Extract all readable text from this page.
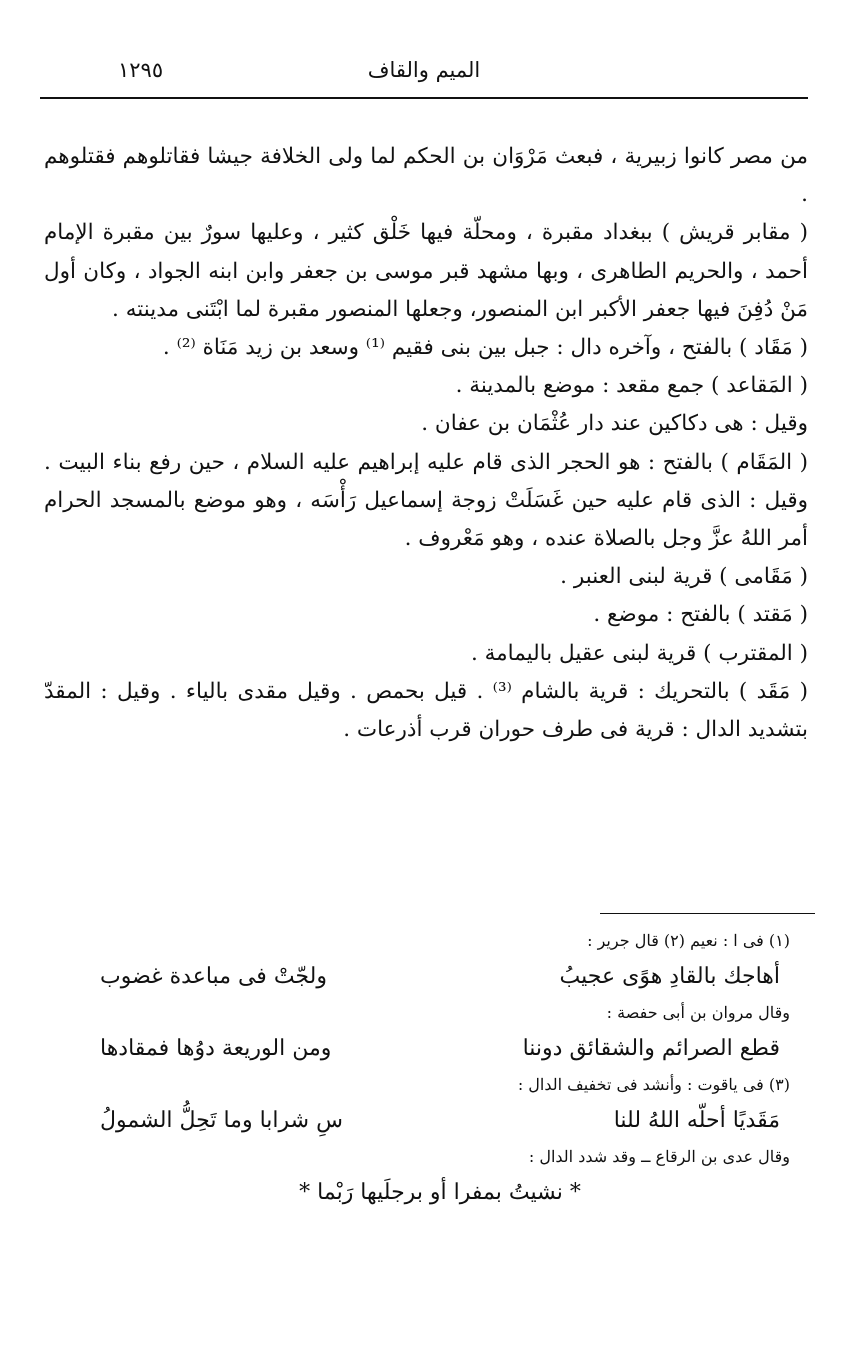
الميم والقاف
١٢٩٥

من مصر كانوا زبيرية ، فبعث مَرْوَان بن الحكم لما ولى الخلافة جيشا فقاتلوهم فقتلوهم .

( مقابر قريش ) ببغداد مقبرة ، ومحلّة فيها خَلْق كثير ، وعليها سورٌ بين مقبرة الإمام أحمد ، والحريم الطاهرى ، وبها مشهد قبر موسى بن جعفر وابن ابنه الجواد ، وكان أول مَنْ دُفِنَ فيها جعفر الأكبر ابن المنصور، وجعلها المنصور مقبرة لما ابْتَنى مدينته .

( مَقَاد ) بالفتح ، وآخره دال : جبل بين بنى فقيم ⁽¹⁾ وسعد بن زيد مَنَاة ⁽²⁾ .

( المَقاعد ) جمع مقعد : موضع بالمدينة .

وقيل : هى دكاكين عند دار عُثْمَان بن عفان .

( المَقَام ) بالفتح : هو الحجر الذى قام عليه إبراهيم عليه السلام ، حين رفع بناء البيت . وقيل : الذى قام عليه حين غَسَلَتْ زوجة إسماعيل رَأْسَه ، وهو موضع بالمسجد الحرام أمر اللهُ عزَّ وجل بالصلاة عنده ، وهو مَعْروف .

( مَقَامى ) قرية لبنى العنبر .

( مَقتد ) بالفتح : موضع .

( المقترب ) قرية لبنى عقيل باليمامة .

( مَقَد ) بالتحريك : قرية بالشام ⁽³⁾ . قيل بحمص . وقيل مقدى بالياء . وقيل : المقدّ بتشديد الدال : قرية فى طرف حوران قرب أذرعات .

(١) فى ا : نعيم (٢) قال جرير :

أهاجك بالقادِ هوًى عجيبُ
ولجّتْ فى مباعدة غضوب

وقال مروان بن أبى حفصة :

قطع الصرائم والشقائق دوننا
ومن الوريعة دوُها فمقادها

(٣) فى ياقوت : وأنشد فى تخفيف الدال :

مَقَديًا أحلّه اللهُ للنا
سِ شرابا وما تَحِلُّ الشمولُ

وقال عدى بن الرقاع ــ وقد شدد الدال :

* نشيتُ بمفرا أو برجلَيها رَبْما *
